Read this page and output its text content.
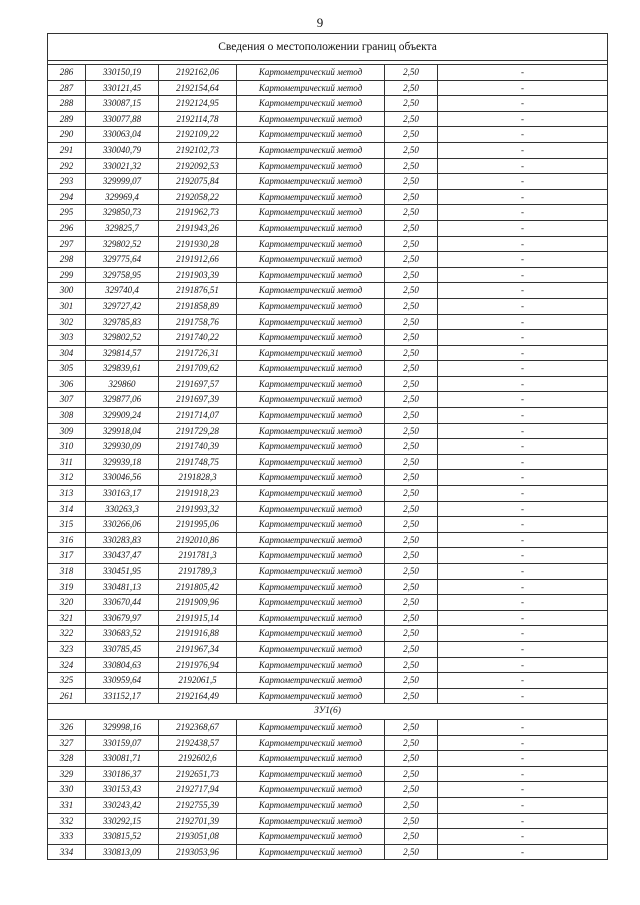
9
Сведения о местоположении границ объекта					

286	330150,19	2192162,06	Картометрический метод	2,50	-
287	330121,45	2192154,64	Картометрический метод	2,50	-
288	330087,15	2192124,95	Картометрический метод	2,50	-
289	330077,88	2192114,78	Картометрический метод	2,50	-
290	330063,04	2192109,22	Картометрический метод	2,50	-
291	330040,79	2192102,73	Картометрический метод	2,50	-
292	330021,32	2192092,53	Картометрический метод	2,50	-
293	329999,07	2192075,84	Картометрический метод	2,50	-
294	329969,4	2192058,22	Картометрический метод	2,50	-
295	329850,73	2191962,73	Картометрический метод	2,50	-
296	329825,7	2191943,26	Картометрический метод	2,50	-
297	329802,52	2191930,28	Картометрический метод	2,50	-
298	329775,64	2191912,66	Картометрический метод	2,50	-
299	329758,95	2191903,39	Картометрический метод	2,50	-
300	329740,4	2191876,51	Картометрический метод	2,50	-
301	329727,42	2191858,89	Картометрический метод	2,50	-
302	329785,83	2191758,76	Картометрический метод	2,50	-
303	329802,52	2191740,22	Картометрический метод	2,50	-
304	329814,57	2191726,31	Картометрический метод	2,50	-
305	329839,61	2191709,62	Картометрический метод	2,50	-
306	329860	2191697,57	Картометрический метод	2,50	-
307	329877,06	2191697,39	Картометрический метод	2,50	-
308	329909,24	2191714,07	Картометрический метод	2,50	-
309	329918,04	2191729,28	Картометрический метод	2,50	-
310	329930,09	2191740,39	Картометрический метод	2,50	-
311	329939,18	2191748,75	Картометрический метод	2,50	-
312	330046,56	2191828,3	Картометрический метод	2,50	-
313	330163,17	2191918,23	Картометрический метод	2,50	-
314	330263,3	2191993,32	Картометрический метод	2,50	-
315	330266,06	2191995,06	Картометрический метод	2,50	-
316	330283,83	2192010,86	Картометрический метод	2,50	-
317	330437,47	2191781,3	Картометрический метод	2,50	-
318	330451,95	2191789,3	Картометрический метод	2,50	-
319	330481,13	2191805,42	Картометрический метод	2,50	-
320	330670,44	2191909,96	Картометрический метод	2,50	-
321	330679,97	2191915,14	Картометрический метод	2,50	-
322	330683,52	2191916,88	Картометрический метод	2,50	-
323	330785,45	2191967,34	Картометрический метод	2,50	-
324	330804,63	2191976,94	Картометрический метод	2,50	-
325	330959,64	2192061,5	Картометрический метод	2,50	-
261	331152,17	2192164,49	Картометрический метод	2,50	-
ЗУ1(6)					
326	329998,16	2192368,67	Картометрический метод	2,50	-
327	330159,07	2192438,57	Картометрический метод	2,50	-
328	330081,71	2192602,6	Картометрический метод	2,50	-
329	330186,37	2192651,73	Картометрический метод	2,50	-
330	330153,43	2192717,94	Картометрический метод	2,50	-
331	330243,42	2192755,39	Картометрический метод	2,50	-
332	330292,15	2192701,39	Картометрический метод	2,50	-
333	330815,52	2193051,08	Картометрический метод	2,50	-
334	330813,09	2193053,96	Картометрический метод	2,50	-
